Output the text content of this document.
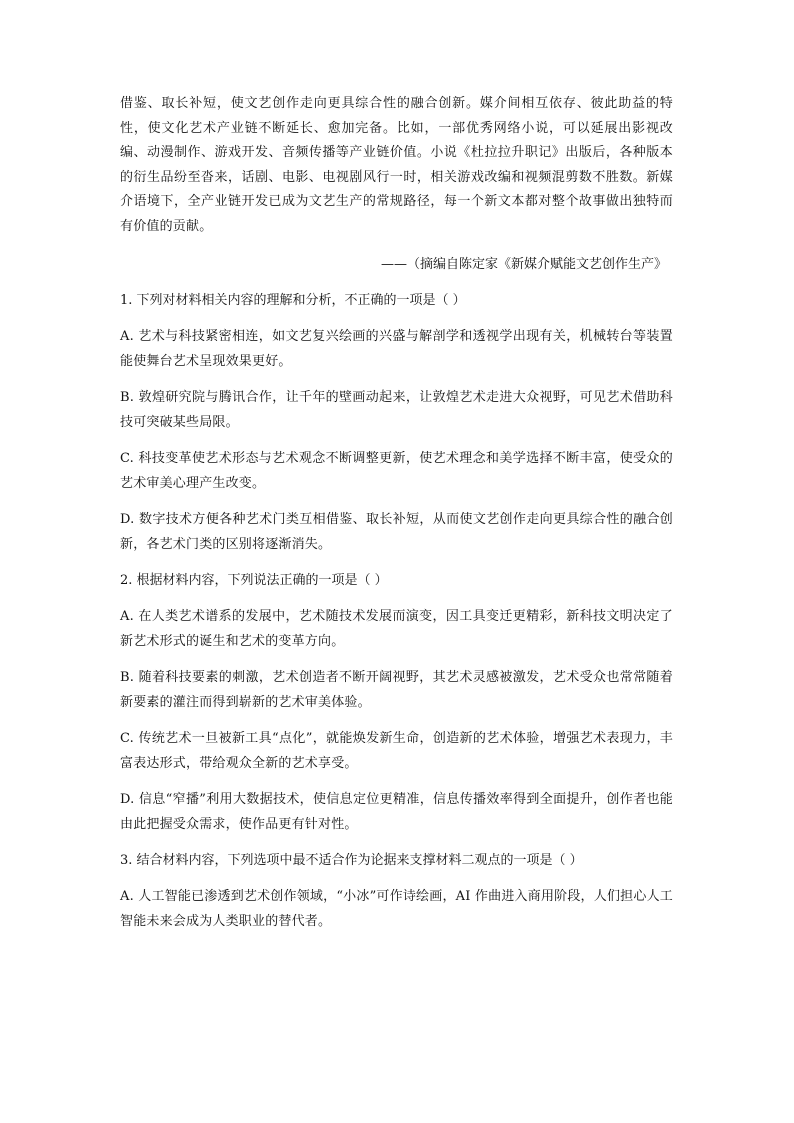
借鉴、取长补短，使文艺创作走向更具综合性的融合创新。媒介间相互依存、彼此助益的特性，使文化艺术产业链不断延长、愈加完备。比如，一部优秀网络小说，可以延展出影视改编、动漫制作、游戏开发、音频传播等产业链价值。小说《杜拉拉升职记》出版后，各种版本的衍生品纷至沓来，话剧、电影、电视剧风行一时，相关游戏改编和视频混剪数不胜数。新媒介语境下，全产业链开发已成为文艺生产的常规路径，每一个新文本都对整个故事做出独特而有价值的贡献。

——（摘编自陈定家《新媒介赋能文艺创作生产》

1. 下列对材料相关内容的理解和分析，不正确的一项是（ ）

A. 艺术与科技紧密相连，如文艺复兴绘画的兴盛与解剖学和透视学出现有关，机械转台等装置能使舞台艺术呈现效果更好。

B. 敦煌研究院与腾讯合作，让千年的壁画动起来，让敦煌艺术走进大众视野，可见艺术借助科技可突破某些局限。

C. 科技变革使艺术形态与艺术观念不断调整更新，使艺术理念和美学选择不断丰富，使受众的艺术审美心理产生改变。

D. 数字技术方便各种艺术门类互相借鉴、取长补短，从而使文艺创作走向更具综合性的融合创新，各艺术门类的区别将逐渐消失。

2. 根据材料内容，下列说法正确的一项是（ ）

A. 在人类艺术谱系的发展中，艺术随技术发展而演变，因工具变迁更精彩，新科技文明决定了新艺术形式的诞生和艺术的变革方向。

B. 随着科技要素的刺激，艺术创造者不断开阔视野，其艺术灵感被激发，艺术受众也常常随着新要素的灌注而得到崭新的艺术审美体验。

C. 传统艺术一旦被新工具“点化”，就能焕发新生命，创造新的艺术体验，增强艺术表现力，丰富表达形式，带给观众全新的艺术享受。

D. 信息“窄播”利用大数据技术，使信息定位更精准，信息传播效率得到全面提升，创作者也能由此把握受众需求，使作品更有针对性。

3. 结合材料内容，下列选项中最不适合作为论据来支撑材料二观点的一项是（ ）

A. 人工智能已渗透到艺术创作领域，“小冰”可作诗绘画，AI 作曲进入商用阶段，人们担心人工智能未来会成为人类职业的替代者。
